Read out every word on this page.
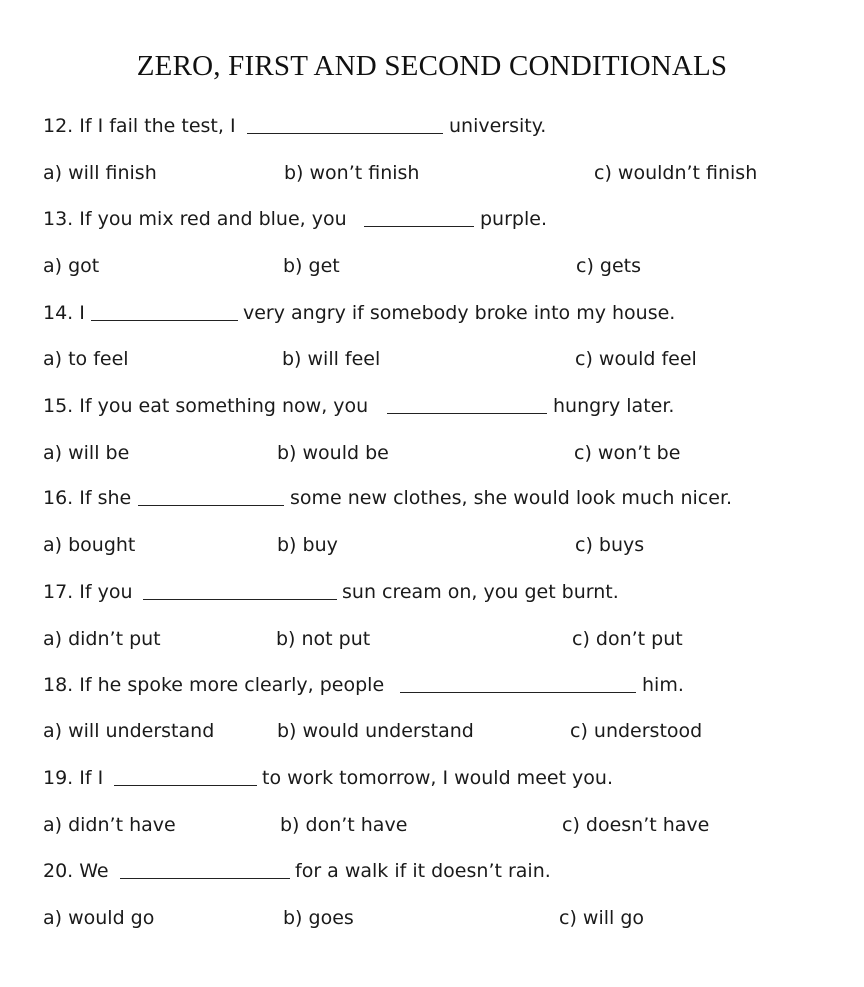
ZERO, FIRST AND SECOND CONDITIONALS
12. If I fail the test, I	university.
a) will finish	b) won’t finish	c) wouldn’t finish
13. If you mix red and blue, you	purple.
a) got	b) get	c) gets
14. I	very angry if somebody broke into my house.
a) to feel	b) will feel	c) would feel
15. If you eat something now, you	hungry later.
a) will be	b) would be	c) won’t be
16. If she	some new clothes, she would look much nicer.
a) bought	b) buy	c) buys
17. If you	sun cream on, you get burnt.
a) didn’t put	b) not put	c) don’t put
18. If he spoke more clearly, people	him.
a) will understand	b) would understand	c) understood
19. If I	to work tomorrow, I would meet you.
a) didn’t have	b) don’t have	c) doesn’t have
20. We	for a walk if it doesn’t rain.
a) would go	b) goes	c) will go
